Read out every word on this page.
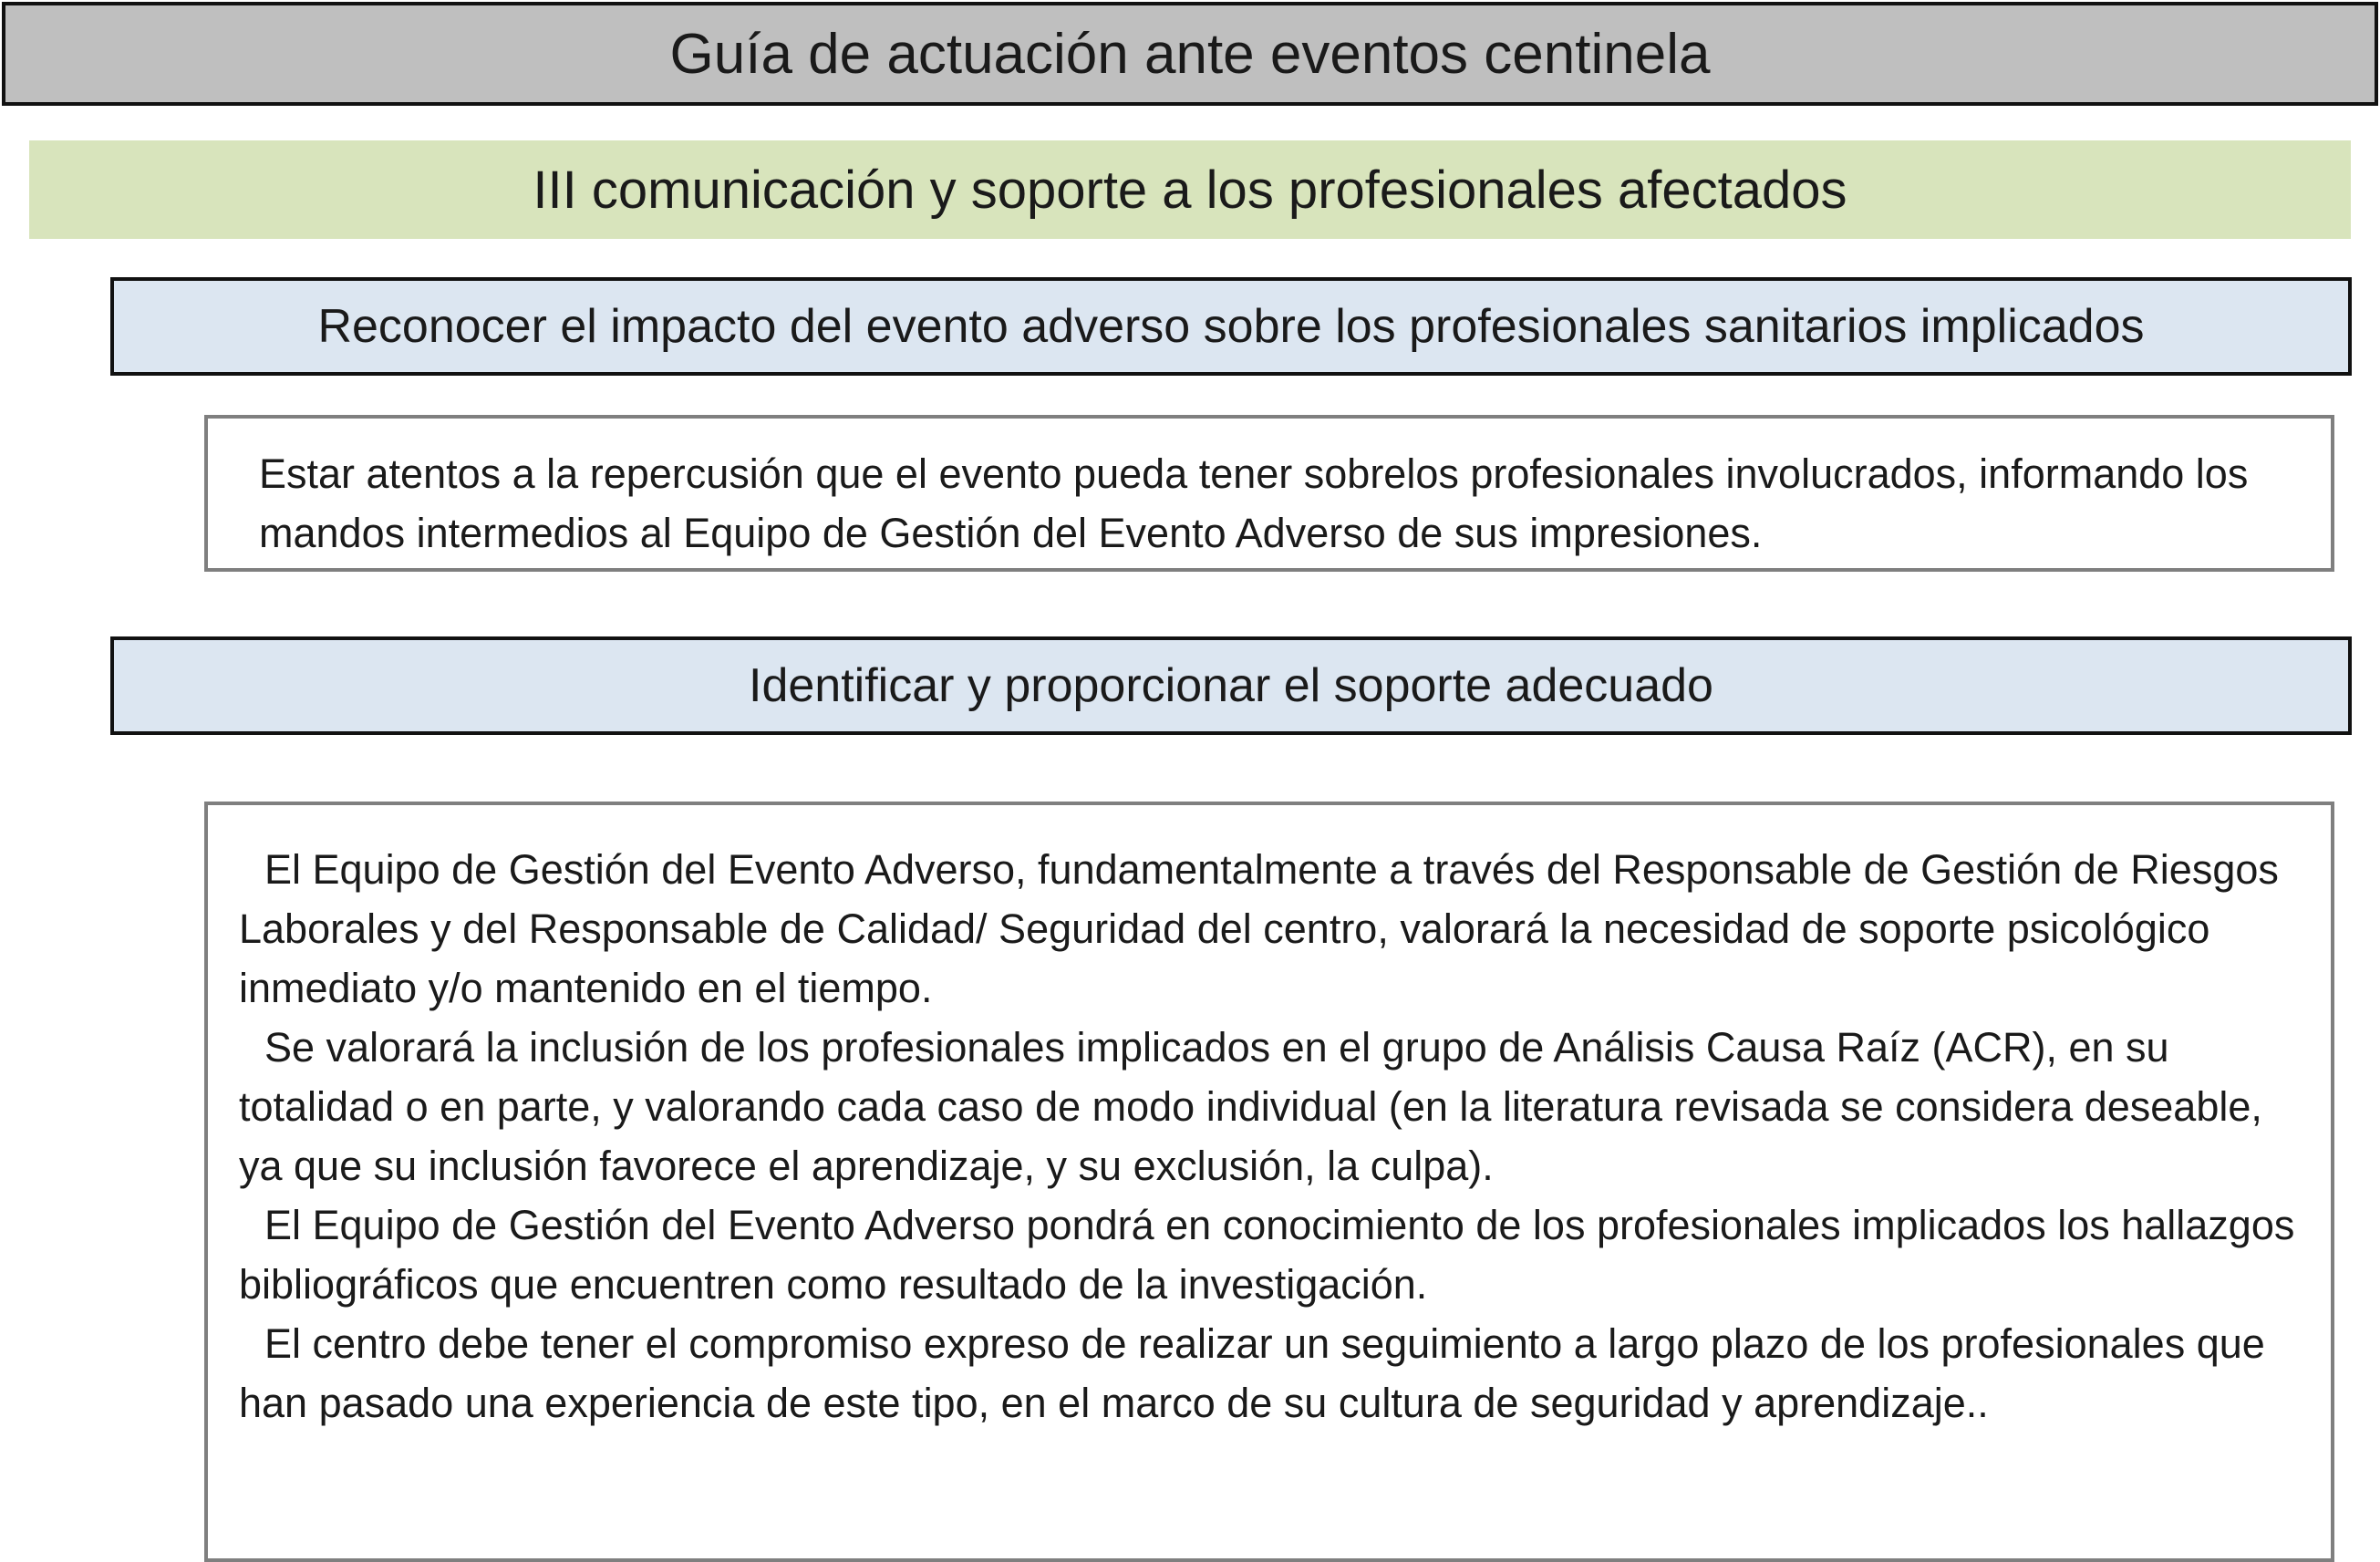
Guía de actuación ante eventos centinela
III comunicación y soporte a los profesionales afectados
Reconocer el impacto del evento adverso sobre los profesionales sanitarios implicados

Estar atentos a la repercusión que el evento pueda tener sobrelos profesionales involucrados, informando los mandos intermedios al Equipo de Gestión del Evento Adverso de sus impresiones.

Identificar y proporcionar el soporte adecuado

El Equipo de Gestión del Evento Adverso, fundamentalmente a través del Responsable de Gestión de Riesgos Laborales y del Responsable de Calidad/ Seguridad del centro, valorará la necesidad de soporte psicológico inmediato y/o mantenido en el tiempo.

Se valorará la inclusión de los profesionales implicados en el grupo de Análisis Causa Raíz (ACR), en su totalidad o en parte, y valorando cada caso de modo individual (en la literatura revisada se considera deseable, ya que su inclusión favorece el aprendizaje, y su exclusión, la culpa).

El Equipo de Gestión del Evento Adverso pondrá en conocimiento de los profesionales implicados los hallazgos bibliográficos que encuentren como resultado de la investigación.

El centro debe tener el compromiso expreso de realizar un seguimiento a largo plazo de los profesionales que han pasado una experiencia de este tipo, en el marco de su cultura de seguridad y aprendizaje..
